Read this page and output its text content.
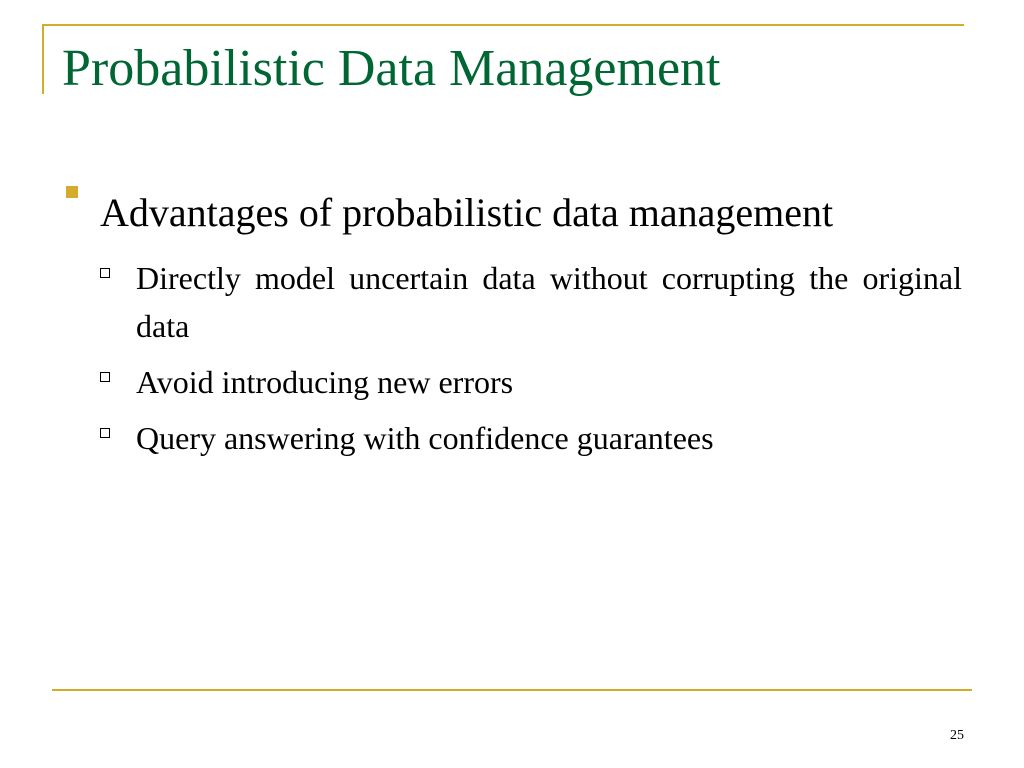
Probabilistic Data Management
Advantages of probabilistic data management
Directly model uncertain data without corrupting the original data
Avoid introducing new errors
Query answering with confidence guarantees
25
